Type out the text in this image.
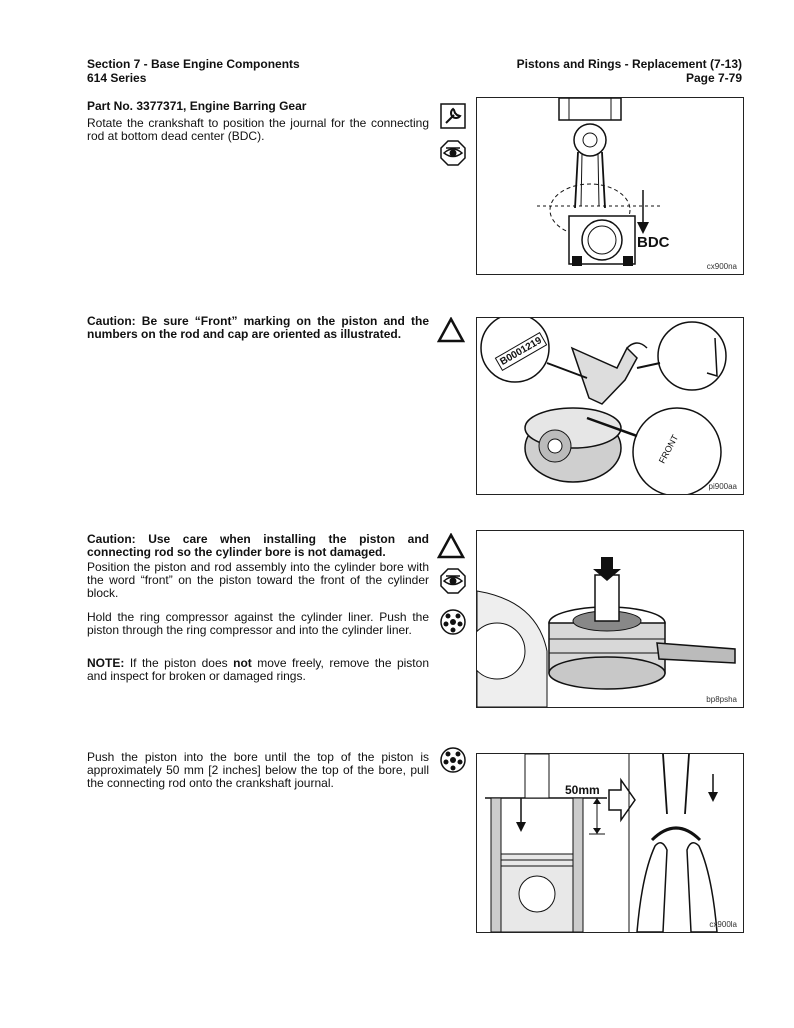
Section 7 - Base Engine Components
614 Series
Pistons and Rings - Replacement (7-13)
Page 7-79
Part No. 3377371, Engine Barring Gear
Rotate the crankshaft to position the journal for the connecting rod at bottom dead center (BDC).
BDC
cx900na
Caution: Be sure “Front” marking on the piston and the numbers on the rod and cap are oriented as illustrated.
B0001219
FRONT
pi900aa
Caution: Use care when installing the piston and connecting rod so the cylinder bore is not damaged.
Position the piston and rod assembly into the cylinder bore with the word “front” on the piston toward the front of the cylinder block.
Hold the ring compressor against the cylinder liner. Push the piston through the ring compressor and into the cylinder liner.
NOTE: If the piston does not move freely, remove the piston and inspect for broken or damaged rings.
bp8psha
Push the piston into the bore until the top of the piston is approximately 50 mm [2 inches] below the top of the bore, pull the connecting rod onto the crankshaft journal.	50mm
cx900la
